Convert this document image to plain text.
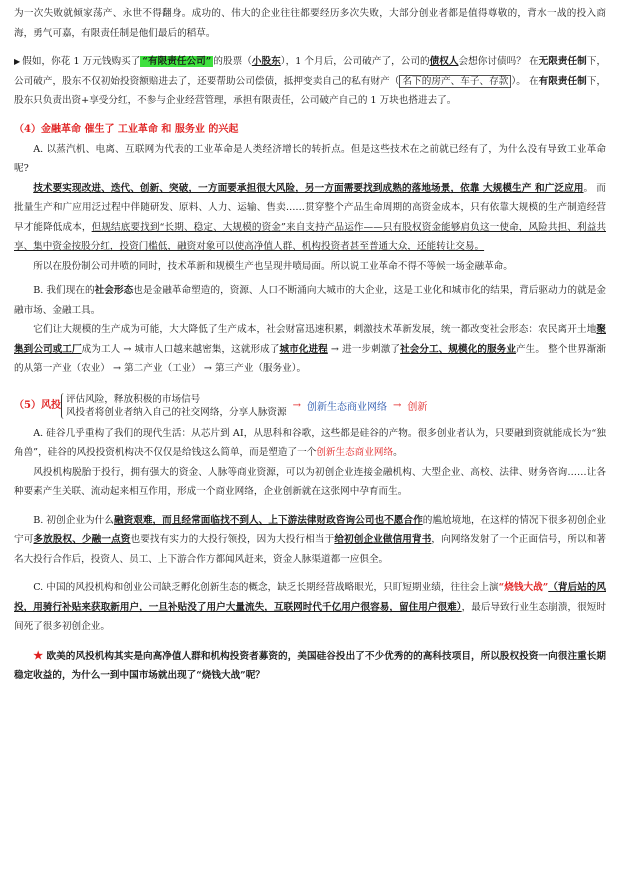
为一次失败就倾家荡产、永世不得翻身。成功的、伟大的企业往往都要经历多次失败，大部分创业者都是值得尊敬的，背水一战的投入商海，勇气可嘉，有限责任制是他们最后的稻草。

▶ 假如，你花 1 万元钱购买了 “有限责任公司” 的股票（小股东），1 个月后，公司破产了，公司的债权人会想你讨债吗？ 在无限责任制下，公司破产，股东不仅初始投资额赔进去了，还要帮助公司偿债，抵押变卖自己的私有财产（ 名下的房产、车子、存款 ）。 在有限责任制下，股东只负责出资+享受分红，不参与企业经营管理，承担有限责任，公司破产自己的 1 万块也搭进去了。

（4）金融革命 催生了 工业革命 和 服务业 的兴起

A. 以蒸汽机、电离、互联网为代表的工业革命是人类经济增长的转折点。但是这些技术在之前就已经有了，为什么没有导致工业革命呢?

技术要实现改进、迭代、创新、突破，一方面要承担很大风险，另一方面需要找到成熟的落地场景，依靠 大规模生产 和广泛应用。 而批量生产和广应用泛过程中伴随研发、原料、人力、运输、售卖……贯穿整个产品生命周期的高资金成本，只有依靠大规模的生产制造经营早才能降低成本，但规结底要找到“长期、稳定、大规模的资金”来自支持产品运作——只有股权资金能够肩负这一使命，风险共担、利益共享、集中资金按股分红，投资门槛低，融资对象可以使高净值人群、机构投资者甚至普通大众，还能转让交易。

所以在股份制公司井喷的同时，技术革新和规模生产也呈现井喷局面。所以说工业革命不得不等候一场金融革命。

B. 我们现在的社会形态也是金融革命塑造的，资源、人口不断涌向大城市的大企业，这是工业化和城市化的结果，背后驱动力的就是金融市场、金融工具。

它们让大规模的生产成为可能，大大降低了生产成本，社会财富迅速积累，刺激技术革新发展，统一都改变社会形态：农民离开土地聚集到公司或工厂成为工人 → 城市人口越来越密集，这就形成了城市化进程 → 进一步刺激了社会分工、规模化的服务业产生。 整个世界渐渐的从第一产业（农业） → 第二产业（工业） → 第三产业（服务业）。

（5）风投
评估风险，释放积极的市场信号
风投者将创业者纳入自己的社交网络，分享人脉资源
→ 创新生态商业网络 → 创新

A. 硅谷几乎重构了我们的现代生活：从芯片到 AI，从思科和谷歌，这些都是硅谷的产物。很多创业者认为，只要融到资就能成长为“独角兽”，硅谷的风投投资机构决不仅仅是给钱这么简单，而是塑造了一个创新生态商业网络。

风投机构脱胎于投行，拥有强大的资金、人脉等商业资源，可以为初创企业连接金融机构、大型企业、高校、法律、财务咨询……让各种要素产生关联、流动起来相互作用，形成一个商业网络，企业创新就在这张网中孕育而生。

B. 初创企业为什么融资艰难，而且经常面临找不到人、上下游法律财政咨询公司也不愿合作的尴尬境地，在这样的情况下很多初创企业宁可多放股权、少融一点资也要找有实力的大投行领投，因为大投行相当于给初创企业做信用背书，向网络发射了一个正面信号，所以和著名大投行合作后，投资人、员工、上下游合作方都闻风赶来，资金人脉渠道都一应俱全。

C. 中国的风投机构和创业公司缺乏孵化创新生态的概念，缺乏长期经营战略眼光，只盯短期业绩，往往会上演“烧钱大战”（背后站的风投，用骑行补贴来获取新用户，一旦补贴没了用户大量流失，互联网时代千亿用户很容易，留住用户很难），最后导致行业生态崩溃，很短时间死了很多初创企业。

★ 欧美的风投机构其实是向高净值人群和机构投资者募资的，美国硅谷投出了不少优秀的的高科技项目，所以股权投资一向很注重长期稳定收益的，为什么一到中国市场就出现了“烧钱大战”呢？
